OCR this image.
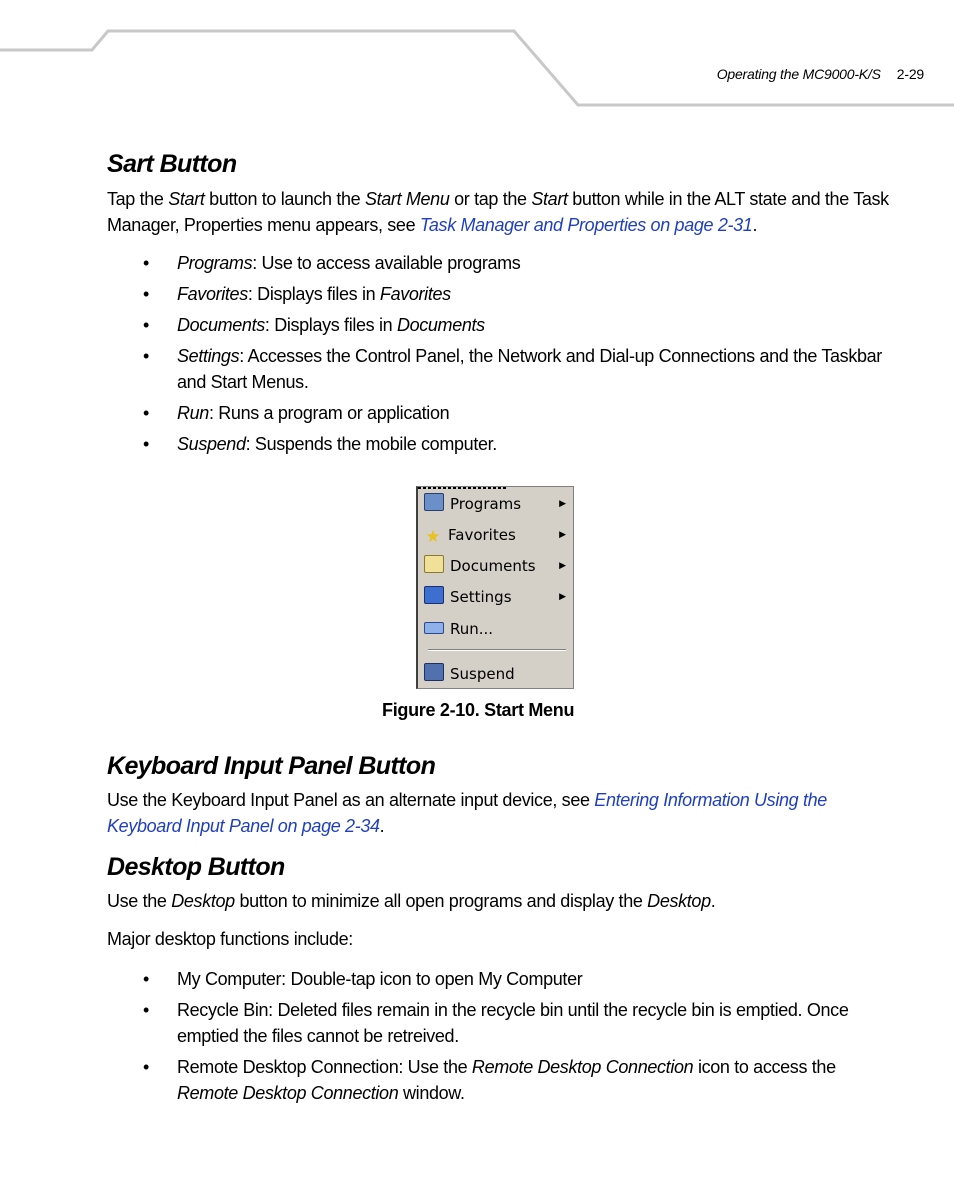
Operating the MC9000-K/S 2-29
Sart Button

Tap the Start button to launch the Start Menu or tap the Start button while in the ALT state and the Task Manager, Properties menu appears, see Task Manager and Properties on page 2-31.

• Programs: Use to access available programs
• Favorites: Displays files in Favorites
• Documents: Displays files in Documents
• Settings: Accesses the Control Panel, the Network and Dial-up Connections and the Taskbar and Start Menus.
• Run: Runs a program or application
• Suspend: Suspends the mobile computer.
Programs	▶
★ Favorites	▶
Documents	▶
Settings	▶
Run...
Suspend
Figure 2-10. Start Menu
Keyboard Input Panel Button

Use the Keyboard Input Panel as an alternate input device, see Entering Information Using the Keyboard Input Panel on page 2-34.

Desktop Button

Use the Desktop button to minimize all open programs and display the Desktop.

Major desktop functions include:

• My Computer: Double-tap icon to open My Computer
• Recycle Bin: Deleted files remain in the recycle bin until the recycle bin is emptied. Once emptied the files cannot be retreived.
• Remote Desktop Connection: Use the Remote Desktop Connection icon to access the Remote Desktop Connection window.
